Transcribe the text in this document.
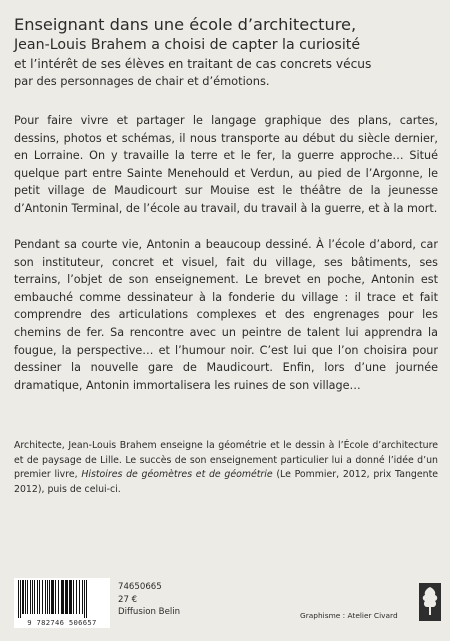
Enseignant dans une école d’architecture,
Jean-Louis Brahem a choisi de capter la curiosité
et l’intérêt de ses élèves en traitant de cas concrets vécus
par des personnages de chair et d’émotions.

Pour faire vivre et partager le langage graphique des plans, cartes, dessins, photos et schémas, il nous transporte au début du siècle dernier, en Lorraine. On y travaille la terre et le fer, la guerre approche… Situé quelque part entre Sainte Menehould et Verdun, au pied de l’Argonne, le petit village de Maudicourt sur Mouise est le théâtre de la jeunesse d’Antonin Terminal, de l’école au travail, du travail à la guerre, et à la mort.

Pendant sa courte vie, Antonin a beaucoup dessiné. À l’école d’abord, car son instituteur, concret et visuel, fait du village, ses bâtiments, ses terrains, l’objet de son enseignement. Le brevet en poche, Antonin est embauché comme dessinateur à la fonderie du village : il trace et fait comprendre des articulations complexes et des engrenages pour les chemins de fer. Sa rencontre avec un peintre de talent lui apprendra la fougue, la perspective… et l’humour noir. C’est lui que l’on choisira pour dessiner la nouvelle gare de Maudicourt. Enfin, lors d’une journée dramatique, Antonin immortalisera les ruines de son village…

Architecte, Jean-Louis Brahem enseigne la géométrie et le dessin à l’École d’architecture et de paysage de Lille. Le succès de son enseignement particulier lui a donné l’idée d’un premier livre, Histoires de géomètres et de géométrie (Le Pommier, 2012, prix Tangente 2012), puis de celui-ci.

9 782746 506657
74650665
27 €
Diffusion Belin	Graphisme : Atelier Civard
